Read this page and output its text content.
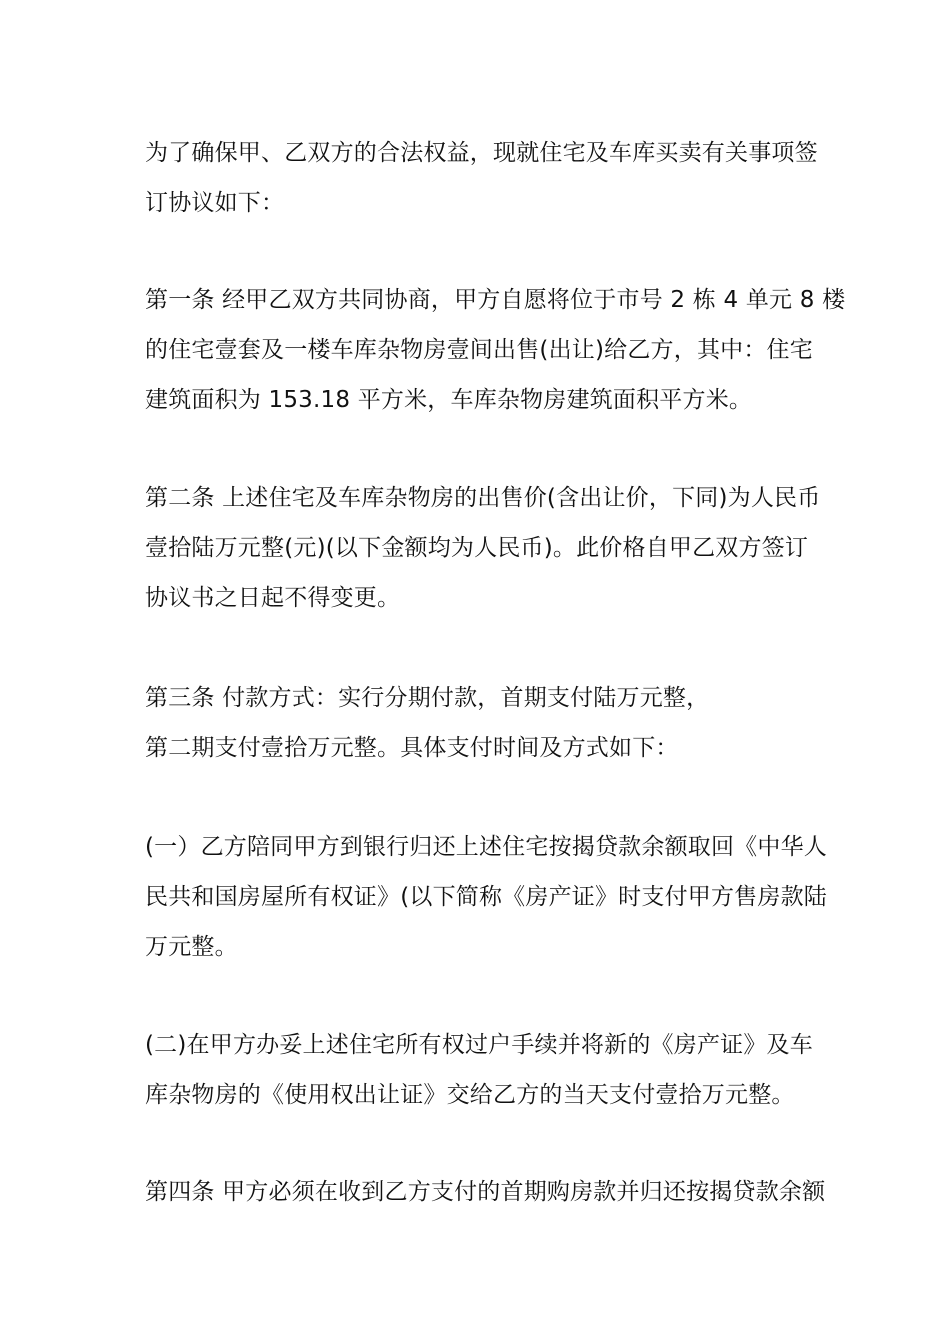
为了确保甲、乙双方的合法权益，现就住宅及车库买卖有关事项签
订协议如下：

第一条 经甲乙双方共同协商，甲方自愿将位于市号 2 栋 4 单元 8 楼
的住宅壹套及一楼车库杂物房壹间出售(出让)给乙方，其中：住宅
建筑面积为 153.18 平方米，车库杂物房建筑面积平方米。

第二条 上述住宅及车库杂物房的出售价(含出让价，下同)为人民币
壹拾陆万元整(元)(以下金额均为人民币)。此价格自甲乙双方签订
协议书之日起不得变更。

第三条 付款方式：实行分期付款，首期支付陆万元整，
第二期支付壹拾万元整。具体支付时间及方式如下：

(一）乙方陪同甲方到银行归还上述住宅按揭贷款余额取回《中华人
民共和国房屋所有权证》(以下简称《房产证》时支付甲方售房款陆
万元整。

(二)在甲方办妥上述住宅所有权过户手续并将新的《房产证》及车
库杂物房的《使用权出让证》交给乙方的当天支付壹拾万元整。

第四条 甲方必须在收到乙方支付的首期购房款并归还按揭贷款余额
